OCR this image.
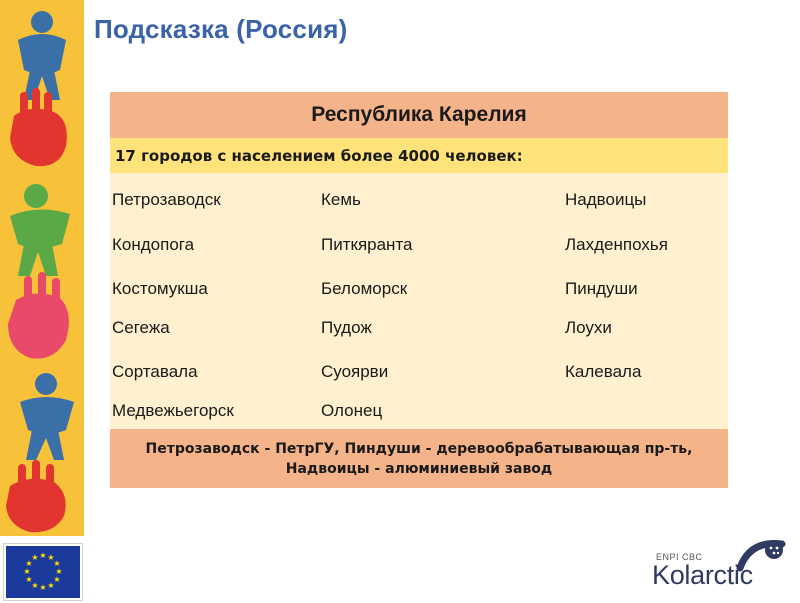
Подсказка (Россия)
Республика Карелия
17 городов с населением более 4000 человек:
Петрозаводск	Кемь	Надвоицы
Кондопога	Питкяранта	Лахденпохья
Костомукша	Беломорск	Пиндуши
Сегежа	Пудож	Лоухи
Сортавала	Суоярви	Калевала
Медвежьегорск	Олонец
Петрозаводск - ПетрГУ, Пиндуши - деревообрабатывающая пр-ть,
Надвоицы - алюминиевый завод
★ ★
★
★
★
★
★
★
★
★
★
★	ENPI CBC
Kolarctic
